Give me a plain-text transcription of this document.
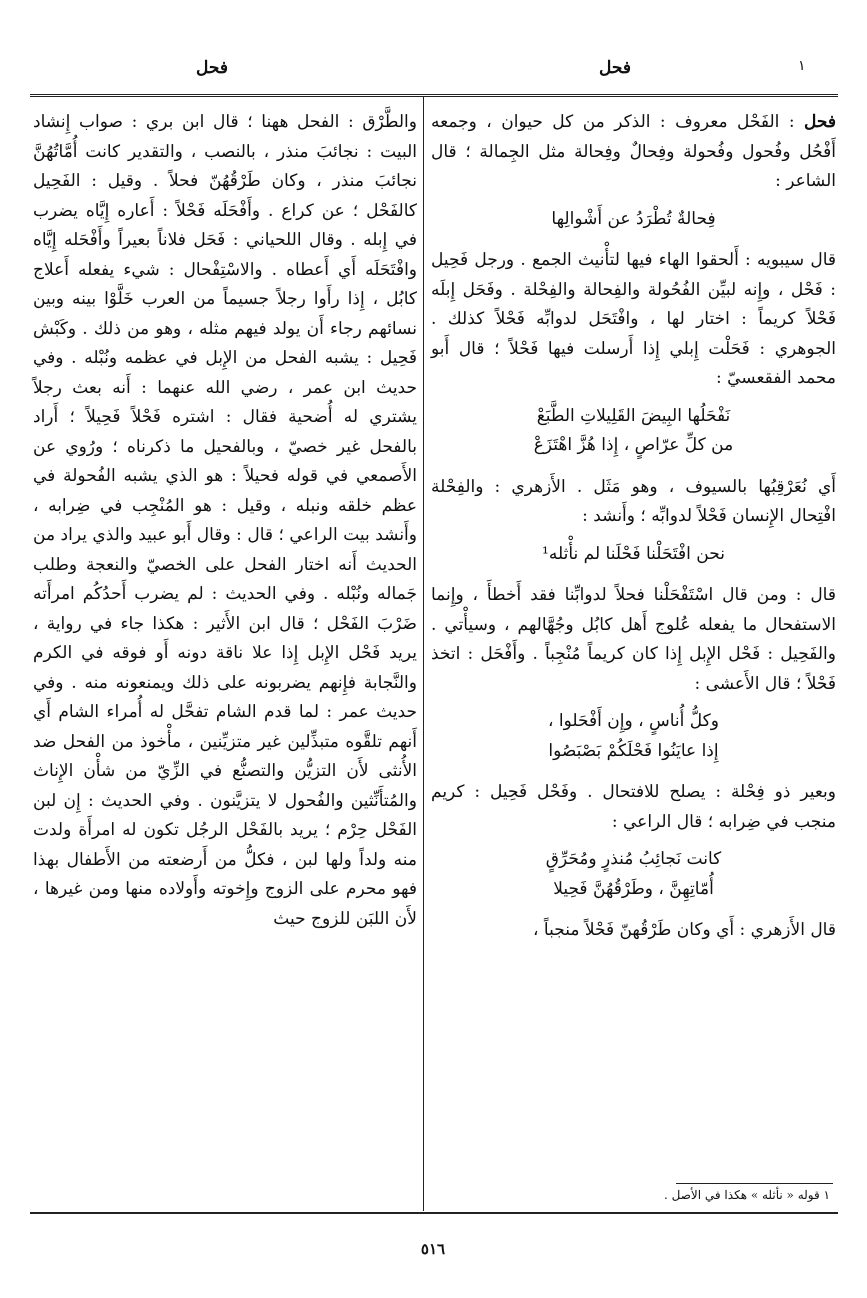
فحل
فحل	١

فحل : الفَحْل معروف : الذكر من كل حيوان ، وجمعه أَفْحُل وفُحول وفُحولة وفِحالٌ وفِحالة مثل الجِمالة ؛ قال الشاعر :

فِحالةٌ تُطْرَدُ عن أَشْوالِها

قال سيبويه : أَلحقوا الهاء فيها لتأْنيث الجمع . ورجل فَحِيل : فَحْل ، وإِنه لبيِّن الفُحُولة والفِحالة والفِحْلة . وفَحَل إِبلَه فَحْلاً كريماً : اختار لها ، وافْتَحَل لدوابِّه فَحْلاً كذلك . الجوهري : فَحَلْت إِبلي إِذا أَرسلت فيها فَحْلاً ؛ قال أَبو محمد الفقعسيّ :

نَفْحَلُها البِيضَ القَلِيلاتِ الطَّبَعْ

من كلِّ عرّاصٍ ، إِذا هُزَّ اهْتَزَعْ

أَي نُعَرْقِبُها بالسيوف ، وهو مَثَل . الأَزهري : والفِحْلة افْتِحال الإِنسان فَحْلاً لدوابِّه ؛ وأَنشد :

نحن افْتَحَلْنا فَحْلَنا لم نأْثله¹

قال : ومن قال اسْتَفْحَلْنا فحلاً لدوابِّنا فقد أَخطأَ ، وإِنما الاستفحال ما يفعله عُلوج أَهل كابُل وجُهَّالهم ، وسيأْتي . والفَحِيل : فَحْل الإِبل إِذا كان كريماً مُنْجِباً . وأَفْحَل : اتخذ فَحْلاً ؛ قال الأَعشى :

وكلُّ أُناسٍ ، وإِن أَفْحَلوا ،

إِذا عايَنُوا فَحْلَكُمْ بَصْبَصُوا

وبعير ذو فِحْلة : يصلح للافتحال . وفَحْل فَحِيل : كريم منجب في ضِرابه ؛ قال الراعي :

كانت نَجائِبُ مُنذرٍ ومُحَرِّقٍ

أُمّاتِهِنَّ ، وطَرْقُهُنَّ فَحِيلا

قال الأَزهري : أَي وكان طَرْقُهنّ فَحْلاً منجباً ،

والطَّرْق : الفحل ههنا ؛ قال ابن بري : صواب إِنشاد البيت : نجائبَ منذر ، بالنصب ، والتقدير كانت أُمَّاتُهُنَّ نجائبَ منذر ، وكان طَرْقُهُنّ فحلاً . وقيل : الفَحِيل كالفَحْل ؛ عن كراع . وأَفْحَلَه فَحْلاً : أَعاره إِيَّاه يضرب في إِبله . وقال اللحياني : فَحَل فلاناً بعيراً وأَفْحَله إِيَّاه وافْتَحَلَه أَي أَعطاه . والاسْتِفْحال : شيء يفعله أَعلاج كابُل ، إِذا رأَوا رجلاً جسيماً من العرب خَلَّوْا بينه وبين نسائهم رجاء أَن يولد فيهم مثله ، وهو من ذلك . وكَبْش فَحِيل : يشبه الفحل من الإِبل في عظمه ونُبْله . وفي حديث ابن عمر ، رضي الله عنهما : أَنه بعث رجلاً يشتري له أُضحية فقال : اشتره فَحْلاً فَحِيلاً ؛ أَراد بالفحل غير خصيّ ، وبالفحيل ما ذكرناه ؛ ورُوي عن الأَصمعي في قوله فحيلاً : هو الذي يشبه الفُحولة في عظم خلقه ونبله ، وقيل : هو المُنْجِب في ضِرابه ، وأَنشد بيت الراعي ؛ قال : وقال أَبو عبيد والذي يراد من الحديث أَنه اختار الفحل على الخصيّ والنعجة وطلب جَماله ونُبْله . وفي الحديث : لم يضرب أَحدُكُم امرأَته ضَرْبَ الفَحْل ؛ قال ابن الأَثير : هكذا جاء في رواية ، يريد فَحْل الإِبل إِذا علا ناقة دونه أَو فوقه في الكرم والنَّجابة فإِنهم يضربونه على ذلك ويمنعونه منه . وفي حديث عمر : لما قدم الشام تفحَّل له أُمراء الشام أَي أَنهم تلقَّوه متبذِّلين غير متزيِّنين ، مأْخوذ من الفحل ضد الأُنثى لأَن التزيُّن والتصنُّع في الزِّيّ من شأْن الإِناث والمُتأَنِّثين والفُحول لا يتزيَّنون . وفي الحديث : إِن لبن الفَحْل حِرْم ؛ يريد بالفَحْل الرجُل تكون له امرأَة ولدت منه ولداً ولها لبن ، فكلُّ من أَرضعته من الأَطفال بهذا فهو محرم على الزوج وإِخوته وأَولاده منها ومن غيرها ، لأَن اللبَن للزوج حيث

١ قوله « نأثله » هكذا في الأصل .
٥١٦
